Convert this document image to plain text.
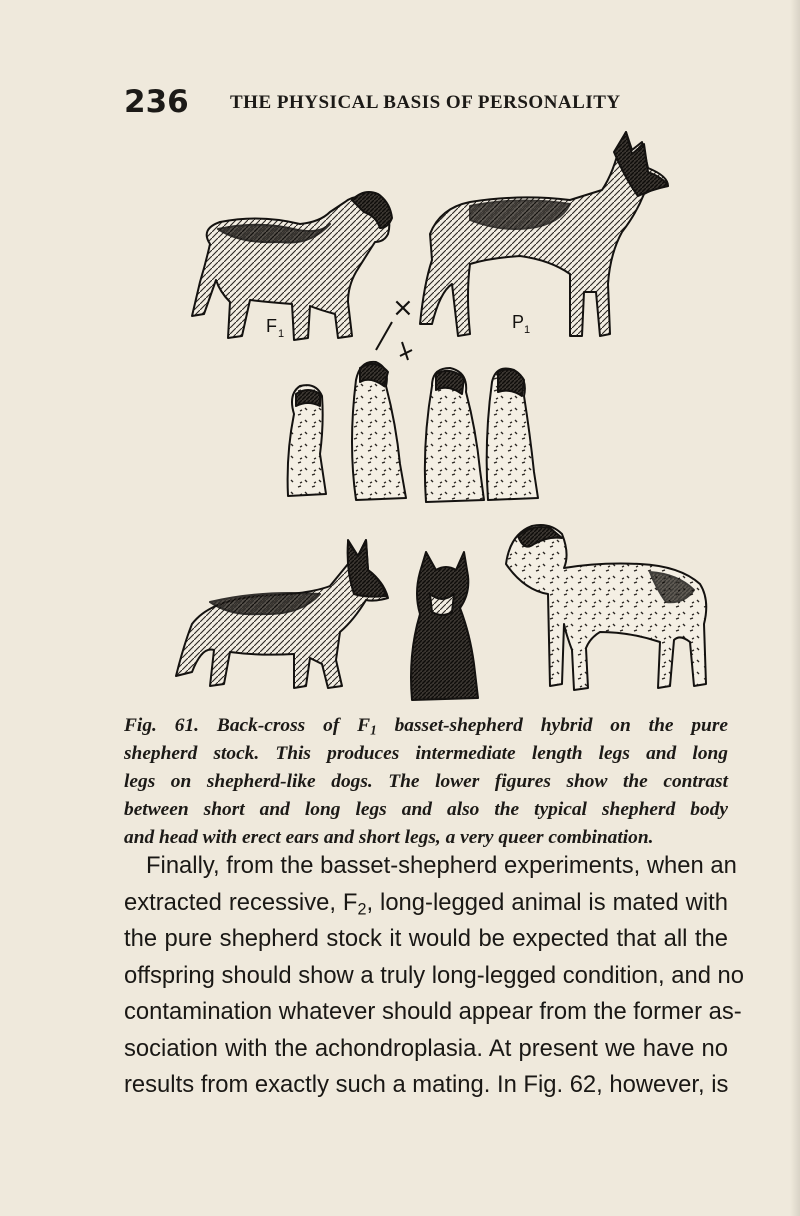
236 THE PHYSICAL BASIS OF PERSONALITY
F 1
×	P 1
Fig. 61. Back-cross of $F_1$ basset-shepherd hybrid on the pure
shepherd stock. This produces intermediate length legs and long
legs on shepherd-like dogs. The lower figures show the contrast
between short and long legs and also the typical shepherd body
and head with erect ears and short legs, a very queer combination.
Finally, from the basset-shepherd experiments, when an
extracted recessive, $F_2$, long-legged animal is mated with
the pure shepherd stock it would be expected that all the
offspring should show a truly long-legged condition, and no
contamination whatever should appear from the former as-
sociation with the achondroplasia. At present we have no
results from exactly such a mating. In Fig. 62, however, is
